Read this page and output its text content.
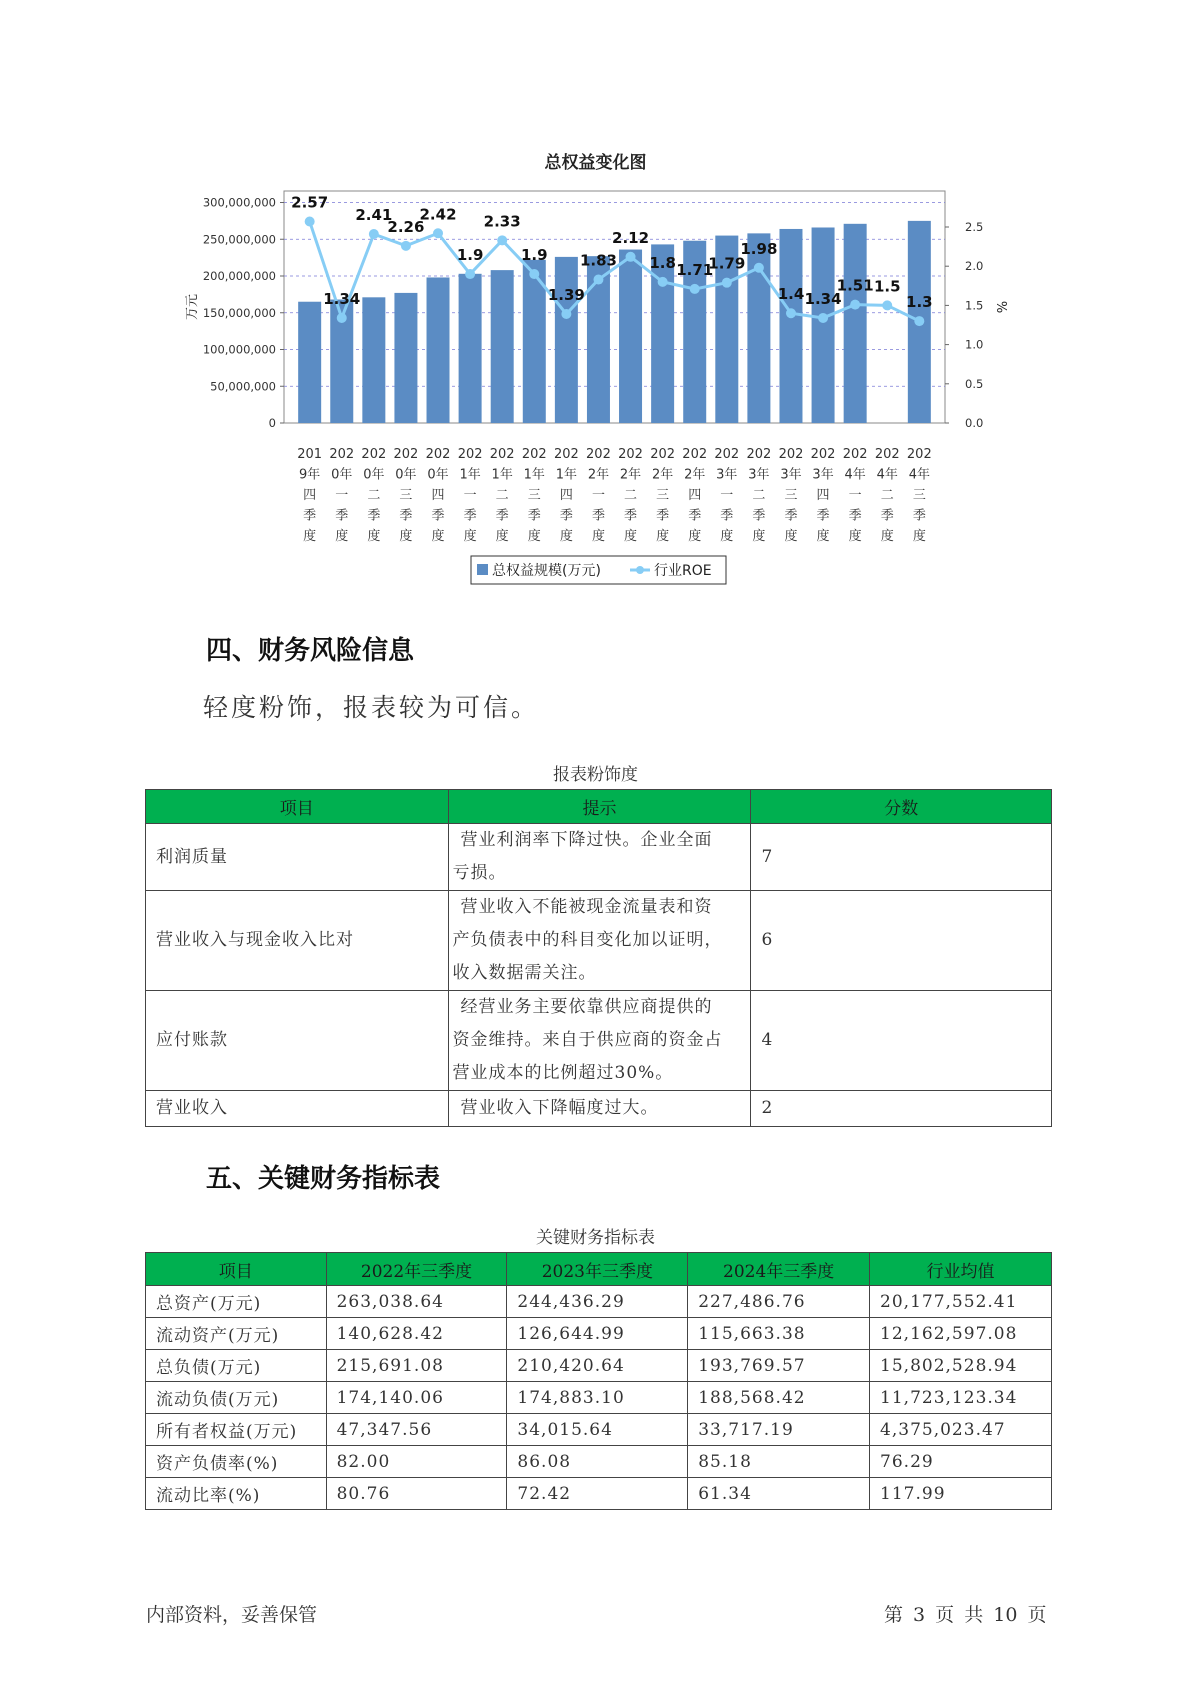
总权益变化图
0
50,000,000
100,000,000
150,000,000
200,000,000
250,000,000
300,000,000
0.0
0.5
1.0
1.5
2.0
2.5
万元	%
2.57
1.34
2.41
2.26
2.42
1.9
2.33
1.9
1.39
1.83
2.12
1.8 1.71
1.79
1.98
1.4 1.34
1.51 1.5
1.3
201
9年
四
季
度
202
0年
一
季
度
202
0年
二
季
度
202
0年
三
季
度
202
0年
四
季
度
202
1年
一
季
度
202
1年
二
季
度
202
1年
三
季
度
202
1年
四
季
度
202
2年
一
季
度
202
2年
二
季
度
202
2年
三
季
度
202
2年
四
季
度
202
3年
一
季
度
202
3年
二
季
度
202
3年
三
季
度
202
3年
四
季
度
202
4年
一
季
度
202
4年
二
季
度
202
4年
三
季
度
总权益规模(万元)	行业ROE
四、财务风险信息
轻度粉饰，报表较为可信。
报表粉饰度
项目	提示	分数
利润质量	营业利润率下降过快。企业全面
亏损。	7
营业收入与现金收入比对	营业收入不能被现金流量表和资
产负债表中的科目变化加以证明，
收入数据需关注。	6
应付账款	经营业务主要依靠供应商提供的
资金维持。来自于供应商的资金占
营业成本的比例超过30%。	4
营业收入	营业收入下降幅度过大。	2
五、关键财务指标表
关键财务指标表
项目	2022年三季度	2023年三季度	2024年三季度	行业均值
总资产(万元)	263,038.64	244,436.29	227,486.76	20,177,552.41
流动资产(万元)	140,628.42	126,644.99	115,663.38	12,162,597.08
总负债(万元)	215,691.08	210,420.64	193,769.57	15,802,528.94
流动负债(万元)	174,140.06	174,883.10	188,568.42	11,723,123.34
所有者权益(万元)	47,347.56	34,015.64	33,717.19	4,375,023.47
资产负债率(%)	82.00	86.08	85.18	76.29
流动比率(%)	80.76	72.42	61.34	117.99
内部资料，妥善保管	第 3 页 共 10 页
